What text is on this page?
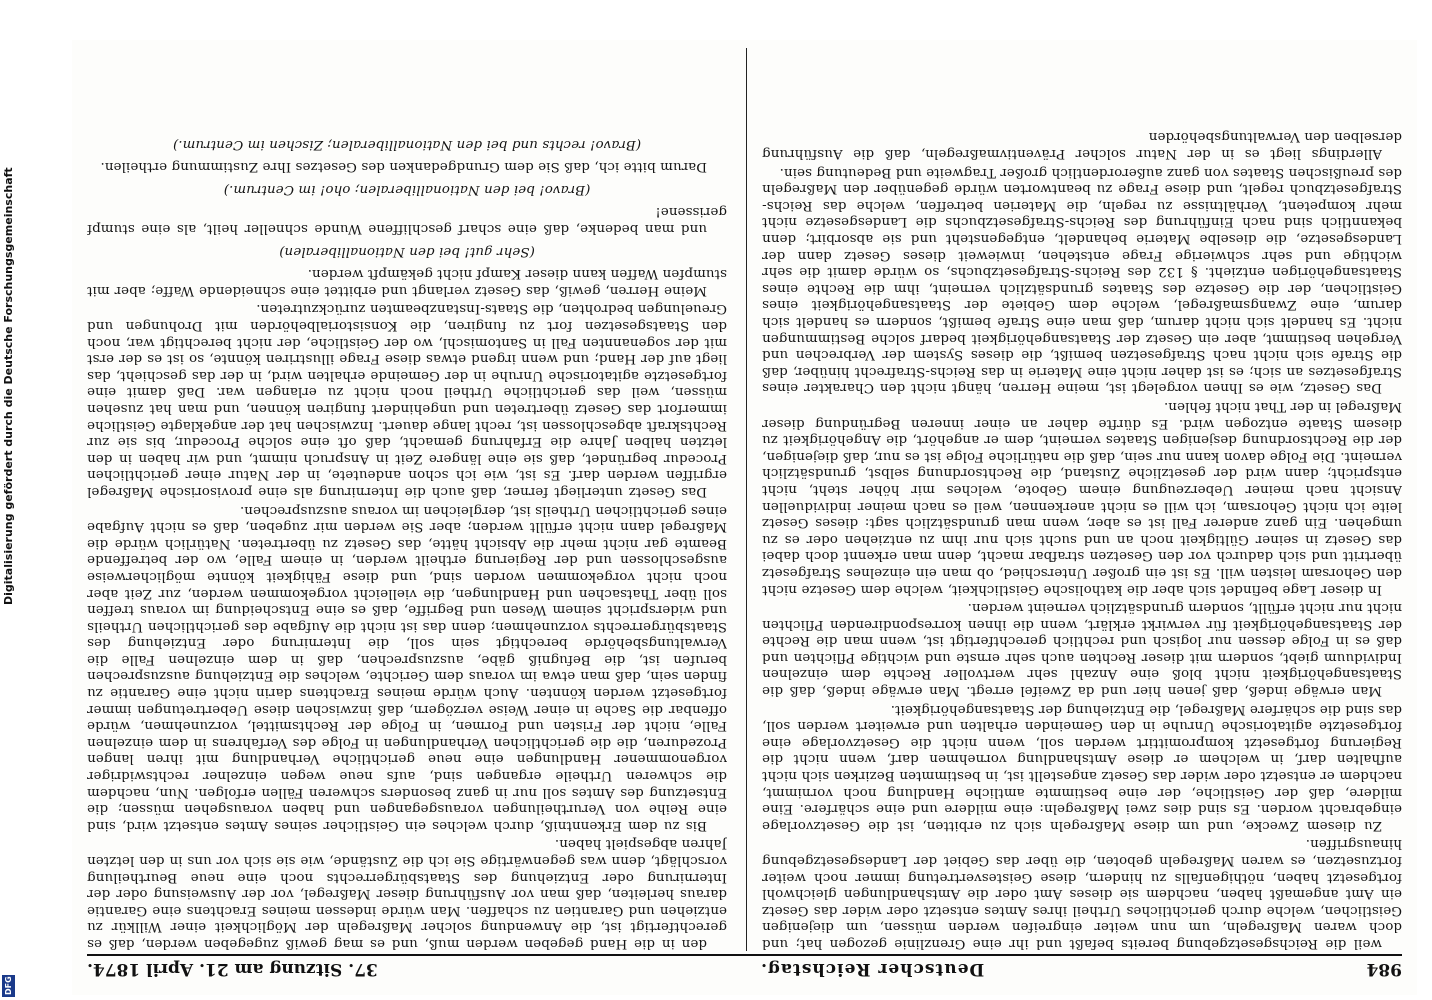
984
Deutscher Reichstag.
37. Sitzung am 21. April 1874.

weil die Reichsgesetzgebung bereits befaßt und ihr eine Grenzlinie gezogen hat; und doch waren Maßregeln, um nun weiter eingreifen werden müssen, um diejenigen Geistlichen, welche durch gerichtliches Urtheil ihres Amtes entsetzt oder wider das Gesetz ein Amt angemaßt haben, nachdem sie dieses Amt oder die Amtshandlungen gleichwohl fortgesetzt haben, nöthigenfalls zu hindern, diese Geistesvertretung immer noch weiter fortzusetzen, es waren Maßregeln geboten, die über das Gebiet der Landesgesetzgebung hinausgriffen.

Zu diesem Zwecke, und um diese Maßregeln sich zu erbitten, ist die Gesetzvorlage eingebracht worden. Es sind dies zwei Maßregeln: eine mildere und eine schärfere. Eine mildere, daß der Geistliche, der eine bestimmte amtliche Handlung noch vornimmt, nachdem er entsetzt oder wider das Gesetz angestellt ist, in bestimmten Bezirken sich nicht aufhalten darf, in welchem er diese Amtshandlung vornehmen darf, wenn nicht die Regierung fortgesetzt kompromittirt werden soll, wenn nicht die Gesetzvorlage eine fortgesetzte agitatorische Unruhe in den Gemeinden erhalten und erweitert werden soll, das sind die schärfere Maßregel, die Entziehung der Staatsangehörigkeit.

Man erwäge indeß, daß jenen hier und da Zweifel erregt. Man erwäge indeß, daß die Staatsangehörigkeit nicht bloß eine Anzahl sehr wertvoller Rechte dem einzelnen Individuum giebt, sondern mit dieser Rechten auch sehr ernste und wichtige Pflichten und daß es in Folge dessen nur logisch und rechtlich gerechtfertigt ist, wenn man die Rechte der Staatsangehörigkeit für verwirkt erklärt, wenn die ihnen korrespondirenden Pflichten nicht nur nicht erfüllt, sondern grundsätzlich verneint werden.

In dieser Lage befindet sich aber die katholische Geistlichkeit, welche dem Gesetze nicht den Gehorsam leisten will. Es ist ein großer Unterschied, ob man ein einzelnes Strafgesetz übertritt und sich dadurch vor den Gesetzen strafbar macht, denn man erkennt doch dabei das Gesetz in seiner Gültigkeit noch an und sucht sich nur ihm zu entziehen oder es zu umgehen. Ein ganz anderer Fall ist es aber, wenn man grundsätzlich sagt: dieses Gesetz leite ich nicht Gehorsam, ich will es nicht anerkennen, weil es nach meiner individuellen Ansicht nach meiner Ueberzeugung einem Gebote, welches mir höher steht, nicht entspricht; dann wird der gesetzliche Zustand, die Rechtsordnung selbst, grundsätzlich verneint. Die Folge davon kann nur sein, daß die natürliche Folge ist es nur, daß diejenigen, der die Rechtsordnung desjenigen Staates verneint, dem er angehört, die Angehörigkeit zu diesem Staate entzogen wird. Es dürfte daher an einer inneren Begründung dieser Maßregel in der That nicht fehlen.

Das Gesetz, wie es Ihnen vorgelegt ist, meine Herren, hängt nicht den Charakter eines Strafgesetzes an sich; es ist daher nicht eine Materie in das Reichs-Strafrecht hinüber, daß die Strafe sich nicht nach Strafgesetzen bemißt, die dieses System der Verbrechen und Vergehen bestimmt, aber ein Gesetz der Staatsangehörigkeit bedarf solche Bestimmungen nicht. Es handelt sich nicht darum, daß man eine Strafe bemißt, sondern es handelt sich darum, eine Zwangsmaßregel, welche dem Gebiete der Staatsangehörigkeit eines Geistlichen, der die Gesetze des Staates grundsätzlich verneint, ihm die Rechte eines Staatsangehörigen entzieht. § 132 des Reichs-Strafgesetzbuchs, so würde damit die sehr wichtige und sehr schwierige Frage entstehen, inwieweit dieses Gesetz dann der Landesgesetze, die dieselbe Materie behandelt, entgegensteht und sie absorbirt; denn bekanntlich sind nach Einführung des Reichs-Strafgesetzbuchs die Landesgesetze nicht mehr kompetent, Verhältnisse zu regeln, die Materien betreffen, welche das Reichs-Strafgesetzbuch regelt, und diese Frage zu beantworten würde gegenüber den Maßregeln des preußischen Staates von ganz außerordentlich großer Tragweite und Bedeutung sein.

Allerdings liegt es in der Natur solcher Präventivmaßregeln, daß die Ausführung derselben den Verwaltungsbehörden

den in die Hand gegeben werden muß, und es mag gewiß zugegeben werden, daß es gerechtfertigt ist, die Anwendung solcher Maßregeln der Möglichkeit einer Willkür zu entziehen und Garantien zu schaffen. Man würde indessen meines Erachtens eine Garantie daraus herleiten, daß man vor Ausführung dieser Maßregel, vor der Ausweisung oder der Internirung oder Entziehung des Staatsbürgerrechts noch eine neue Beurtheilung vorschlägt, denn was gegenwärtige Sie ich die Zustände, wie sie sich vor uns in den letzten Jahren abgespielt haben.

Bis zu dem Erkenntniß, durch welches ein Geistlicher seines Amtes entsetzt wird, sind eine Reihe von Verurtheilungen vorausgegangen und haben vorausgehen müssen; die Entsetzung des Amtes soll nur in ganz besonders schweren Fällen erfolgen. Nun, nachdem die schweren Urtheile ergangen sind, aufs neue wegen einzelner rechtswidriger vorgenommener Handlungen eine neue gerichtliche Verhandlung mit ihren langen Prozeduren, die die gerichtlichen Verhandlungen in Folge des Verfahrens in dem einzelnen Falle, nicht der Fristen und Formen, in Folge der Rechtsmittel, vorzunehmen, würde offenbar die Sache in einer Weise verzögern, daß inzwischen diese Uebertretungen immer fortgesetzt werden könnten. Auch würde meines Erachtens darin nicht eine Garantie zu finden sein, daß man etwa im voraus dem Gerichte, welches die Entziehung auszusprechen berufen ist, die Befugniß gäbe, auszusprechen, daß in dem einzelnen Falle die Verwaltungsbehörde berechtigt sein soll, die Internirung oder Entziehung des Staatsbürgerrechts vorzunehmen; denn das ist nicht die Aufgabe des gerichtlichen Urtheils und widerspricht seinem Wesen und Begriffe, daß es eine Entscheidung im voraus treffen soll über Thatsachen und Handlungen, die vielleicht vorgekommen werden, zur Zeit aber noch nicht vorgekommen worden sind, und diese Fähigkeit könnte möglicherweise ausgeschlossen und der Regierung ertheilt werden, in einem Falle, wo der betreffende Beamte gar nicht mehr die Absicht hätte, das Gesetz zu übertreten. Natürlich würde die Maßregel dann nicht erfüllt werden; aber Sie werden mir zugeben, daß es nicht Aufgabe eines gerichtlichen Urtheils ist, dergleichen im voraus auszusprechen.

Das Gesetz unterliegt ferner, daß auch die Internirung als eine provisorische Maßregel ergriffen werden darf. Es ist, wie ich schon andeutete, in der Natur einer gerichtlichen Procedur begründet, daß sie eine längere Zeit in Anspruch nimmt, und wir haben in den letzten halben Jahre die Erfahrung gemacht, daß oft eine solche Procedur, bis sie zur Rechtskraft abgeschlossen ist, recht lange dauert. Inzwischen hat der angeklagte Geistliche immerfort das Gesetz übertreten und ungehindert fungiren können, und man hat zusehen müssen, weil das gerichtliche Urtheil noch nicht zu erlangen war. Daß damit eine fortgesetzte agitatorische Unruhe in der Gemeinde erhalten wird, in der das geschieht, das liegt auf der Hand; und wenn irgend etwas diese Frage illustriren könnte, so ist es der erst mit der sogenannten Fall in Santomischl, wo der Geistliche, der nicht berechtigt war, noch den Staatsgesetzen fort zu fungiren, die Konsistorialbehörden mit Drohungen und Greuelungen bedrohten, die Staats-Instanzbeamten zurückzutreten.

Meine Herren, gewiß, das Gesetz verlangt und erbittet eine schneidende Waffe; aber mit stumpfen Waffen kann dieser Kampf nicht gekämpft werden.

(Sehr gut! bei den Nationalliberalen)

und man bedenke, daß eine scharf geschliffene Wunde schneller heilt, als eine stumpf gerissene!

(Bravo! bei den Nationalliberalen; oho! im Centrum.)

Darum bitte ich, daß Sie dem Grundgedanken des Gesetzes Ihre Zustimmung ertheilen.

(Bravo! rechts und bei den Nationalliberalen; Zischen im Centrum.)

Digitalisierung gefördert durch die Deutsche Forschungsgemeinschaft
DFG
